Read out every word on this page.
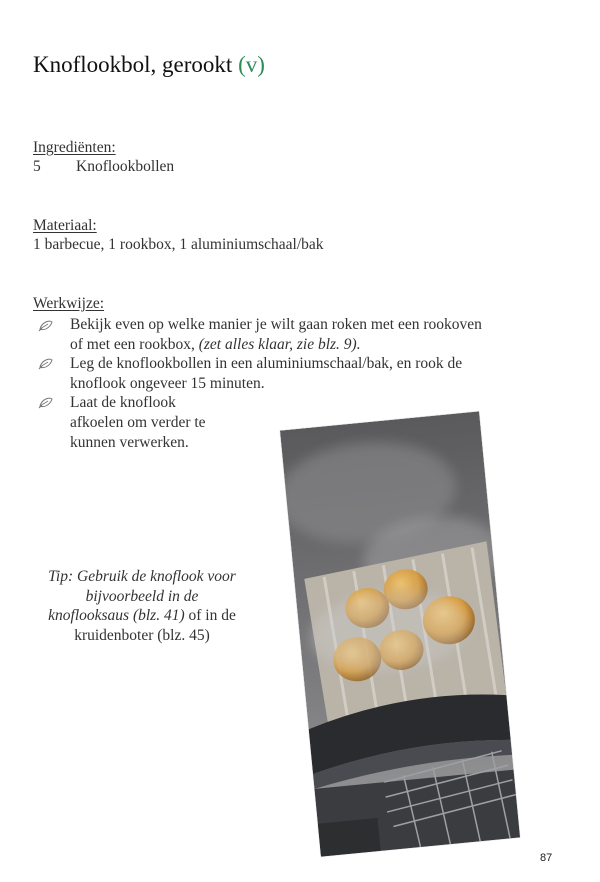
Knoflookbol, gerookt (v)
Ingrediënten:
5 Knoflookbollen
Materiaal:
1 barbecue, 1 rookbox, 1 aluminiumschaal/bak
Werkwijze:
Bekijk even op welke manier je wilt gaan roken met een rookoven
of met een rookbox, (zet alles klaar, zie blz. 9).
Leg de knoflookbollen in een aluminiumschaal/bak, en rook de
knoflook ongeveer 15 minuten.
Laat de knoflook
afkoelen om verder te
kunnen verwerken.
Tip: Gebruik de knoflook voor
bijvoorbeeld in de
knoflooksaus (blz. 41) of in de
kruidenboter (blz. 45)
87
